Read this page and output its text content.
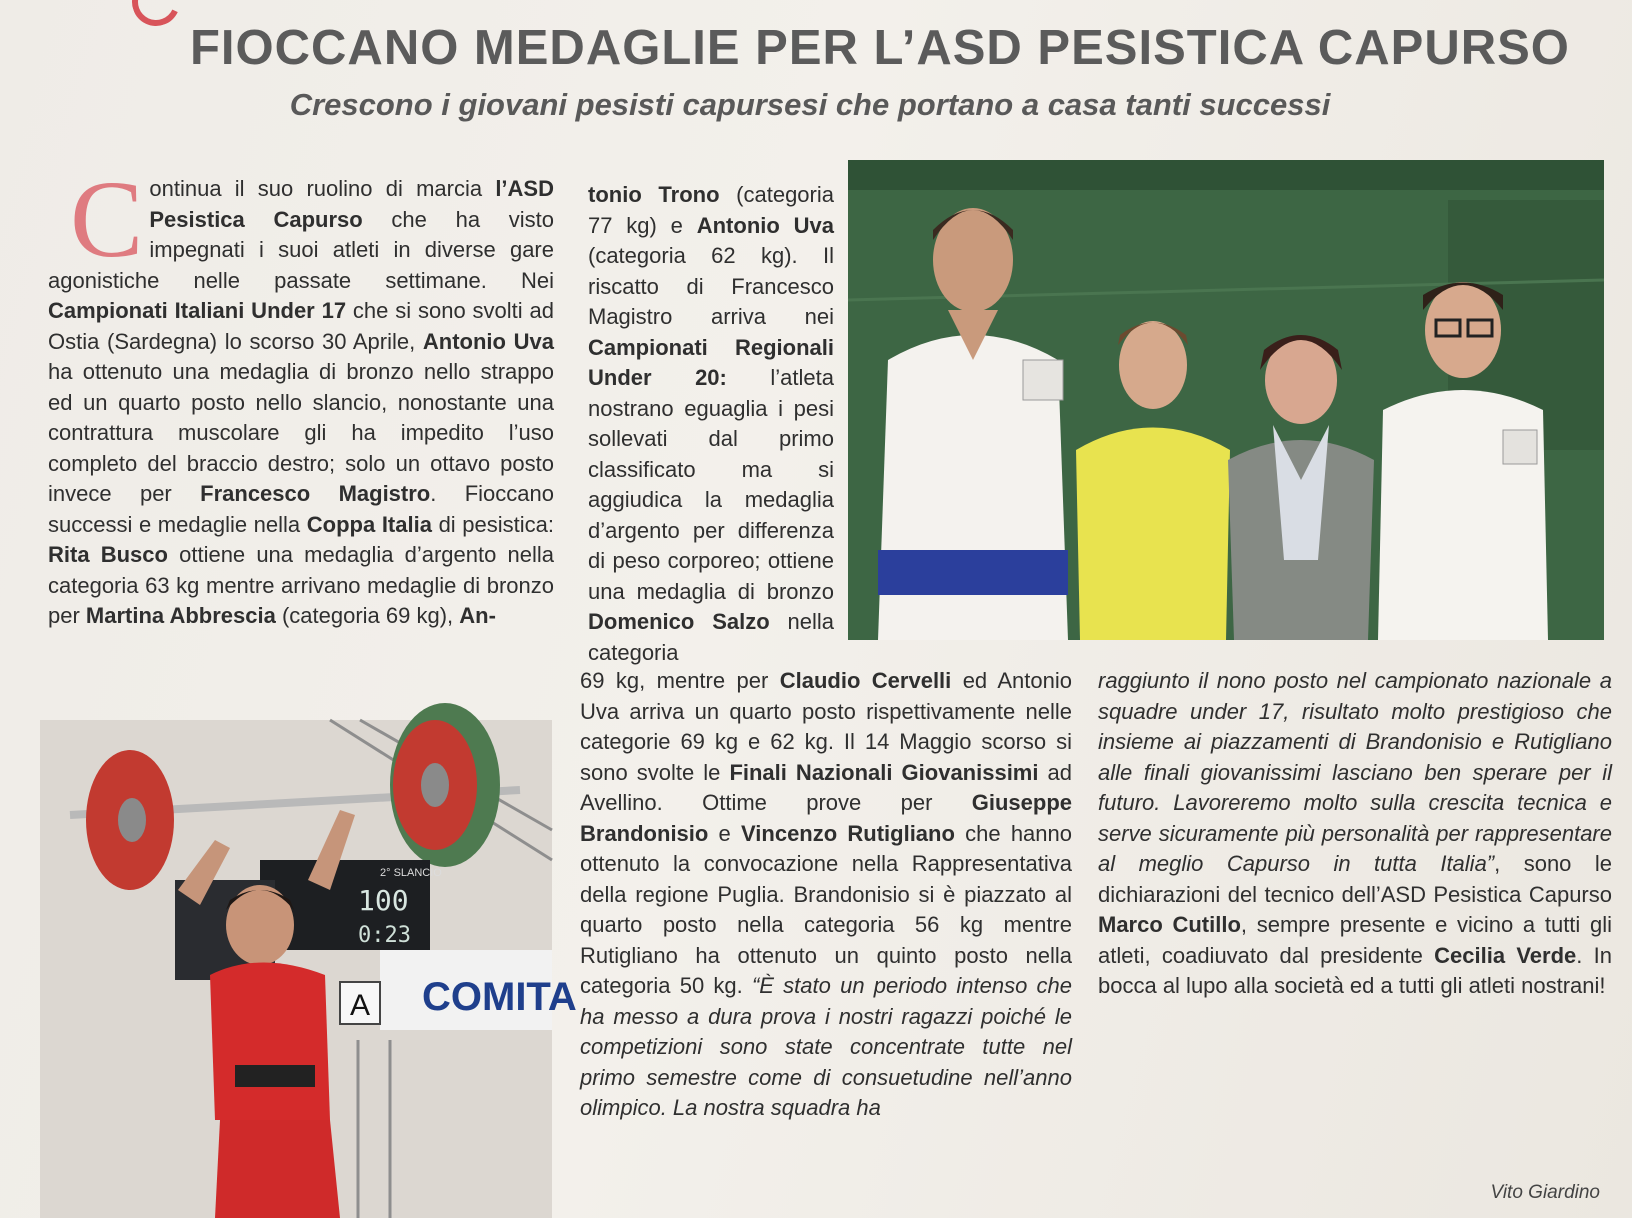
FIOCCANO MEDAGLIE PER L’ASD PESISTICA CAPURSO
Crescono i giovani pesisti capursesi che portano a casa tanti successi
Continua il suo ruolino di marcia l’ASD Pesistica Capurso che ha visto impegnati i suoi atleti in diverse gare agonistiche nelle passate settimane. Nei Campionati Italiani Under 17 che si sono svolti ad Ostia (Sardegna) lo scorso 30 Aprile, Antonio Uva ha ottenuto una medaglia di bronzo nello strappo ed un quarto posto nello slancio, nonostante una contrattura muscolare gli ha impedito l’uso completo del braccio destro; solo un ottavo posto invece per Francesco Magistro. Fioccano successi e medaglie nella Coppa Italia di pesistica: Rita Busco ottiene una medaglia d’argento nella categoria 63 kg mentre arrivano medaglie di bronzo per Martina Abbrescia (categoria 69 kg), An-
tonio Trono (categoria 77 kg) e Antonio Uva (categoria 62 kg). Il riscatto di Francesco Magistro arriva nei Campionati Regionali Under 20: l’atleta nostrano eguaglia i pesi sollevati dal primo classificato ma si aggiudica la medaglia d’argento per differenza di peso corporeo; ottiene una medaglia di bronzo Domenico Salzo nella categoria
69 kg, mentre per Claudio Cervelli ed Antonio Uva arriva un quarto posto rispettivamente nelle categorie 69 kg e 62 kg. Il 14 Maggio scorso si sono svolte le Finali Nazionali Giovanissimi ad Avellino. Ottime prove per Giuseppe Brandonisio e Vincenzo Rutigliano che hanno ottenuto la convocazione nella Rappresentativa della regione Puglia. Brandonisio si è piazzato al quarto posto nella categoria 56 kg mentre Rutigliano ha ottenuto un quinto posto nella categoria 50 kg. “È stato un periodo intenso che ha messo a dura prova i nostri ragazzi poiché le competizioni sono state concentrate tutte nel primo semestre come di consuetudine nell’anno olimpico. La nostra squadra ha
raggiunto il nono posto nel campionato nazionale a squadre under 17, risultato molto prestigioso che insieme ai piazzamenti di Brandonisio e Rutigliano alle finali giovanissimi lasciano ben sperare per il futuro. Lavoreremo molto sulla crescita tecnica e serve sicuramente più personalità per rappresentare al meglio Capurso in tutta Italia”, sono le dichiarazioni del tecnico dell’ASD Pesistica Capurso Marco Cutillo, sempre presente e vicino a tutti gli atleti, coadiuvato dal presidente Cecilia Verde. In bocca al lupo alla società ed a tutti gli atleti nostrani!
Vito Giardino
2° SLANCIO
100
0:23
COMITA
A
